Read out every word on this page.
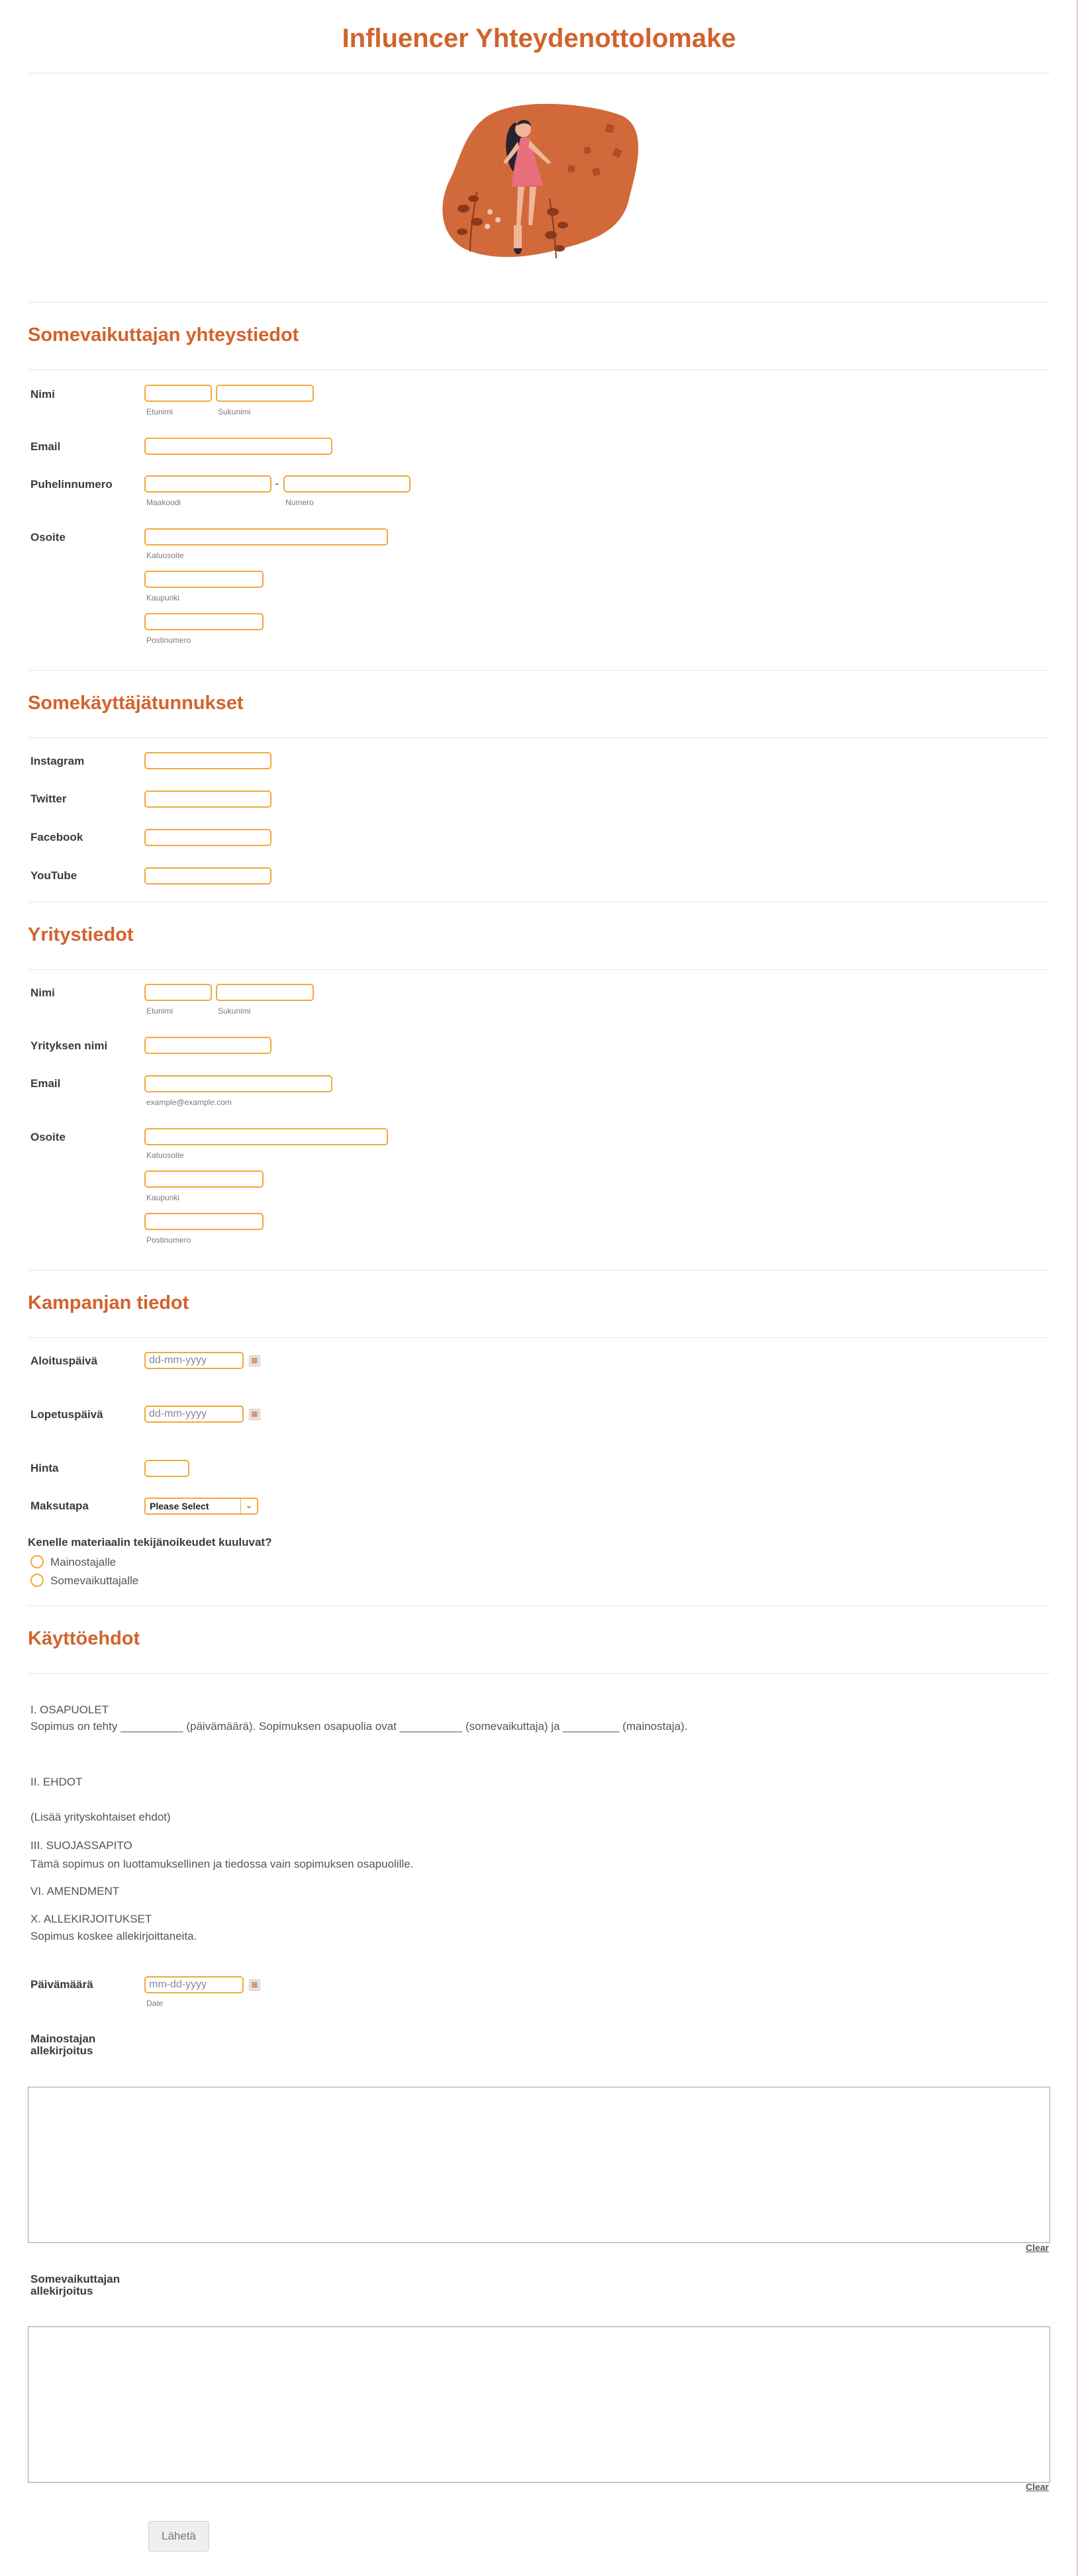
Influencer Yhteydenottolomake
Somevaikuttajan yhteystiedot
Nimi
Etunimi	Sukunimi
Email
Puhelinnumero	-
Maakoodi	Numero
Osoite
Katuosoite
Kaupunki
Postinumero
Somekäyttäjätunnukset
Instagram
Twitter
Facebook
YouTube
Yritystiedot
Nimi
Etunimi	Sukunimi
Yrityksen nimi
Email
example@example.com
Osoite
Katuosoite
Kaupunki
Postinumero
Kampanjan tiedot
Aloituspäivä	dd-mm-yyyy	▦
Lopetuspäivä	dd-mm-yyyy	▦
Hinta
Maksutapa	Please Select	⌄
Kenelle materiaalin tekijänoikeudet kuuluvat?
Mainostajalle
Somevaikuttajalle
Käyttöehdot
I. OSAPUOLET
Sopimus on tehty __________ (päivämäärä). Sopimuksen osapuolia ovat __________ (somevaikuttaja) ja _________ (mainostaja).
II. EHDOT
(Lisää yrityskohtaiset ehdot)
III. SUOJASSAPITO
Tämä sopimus on luottamuksellinen ja tiedossa vain sopimuksen osapuolille.
VI. AMENDMENT
X. ALLEKIRJOITUKSET
Sopimus koskee allekirjoittaneita.
Päivämäärä	mm-dd-yyyy	▦
Date
Mainostajan
allekirjoitus
Clear
Somevaikuttajan
allekirjoitus
Clear
Lähetä
